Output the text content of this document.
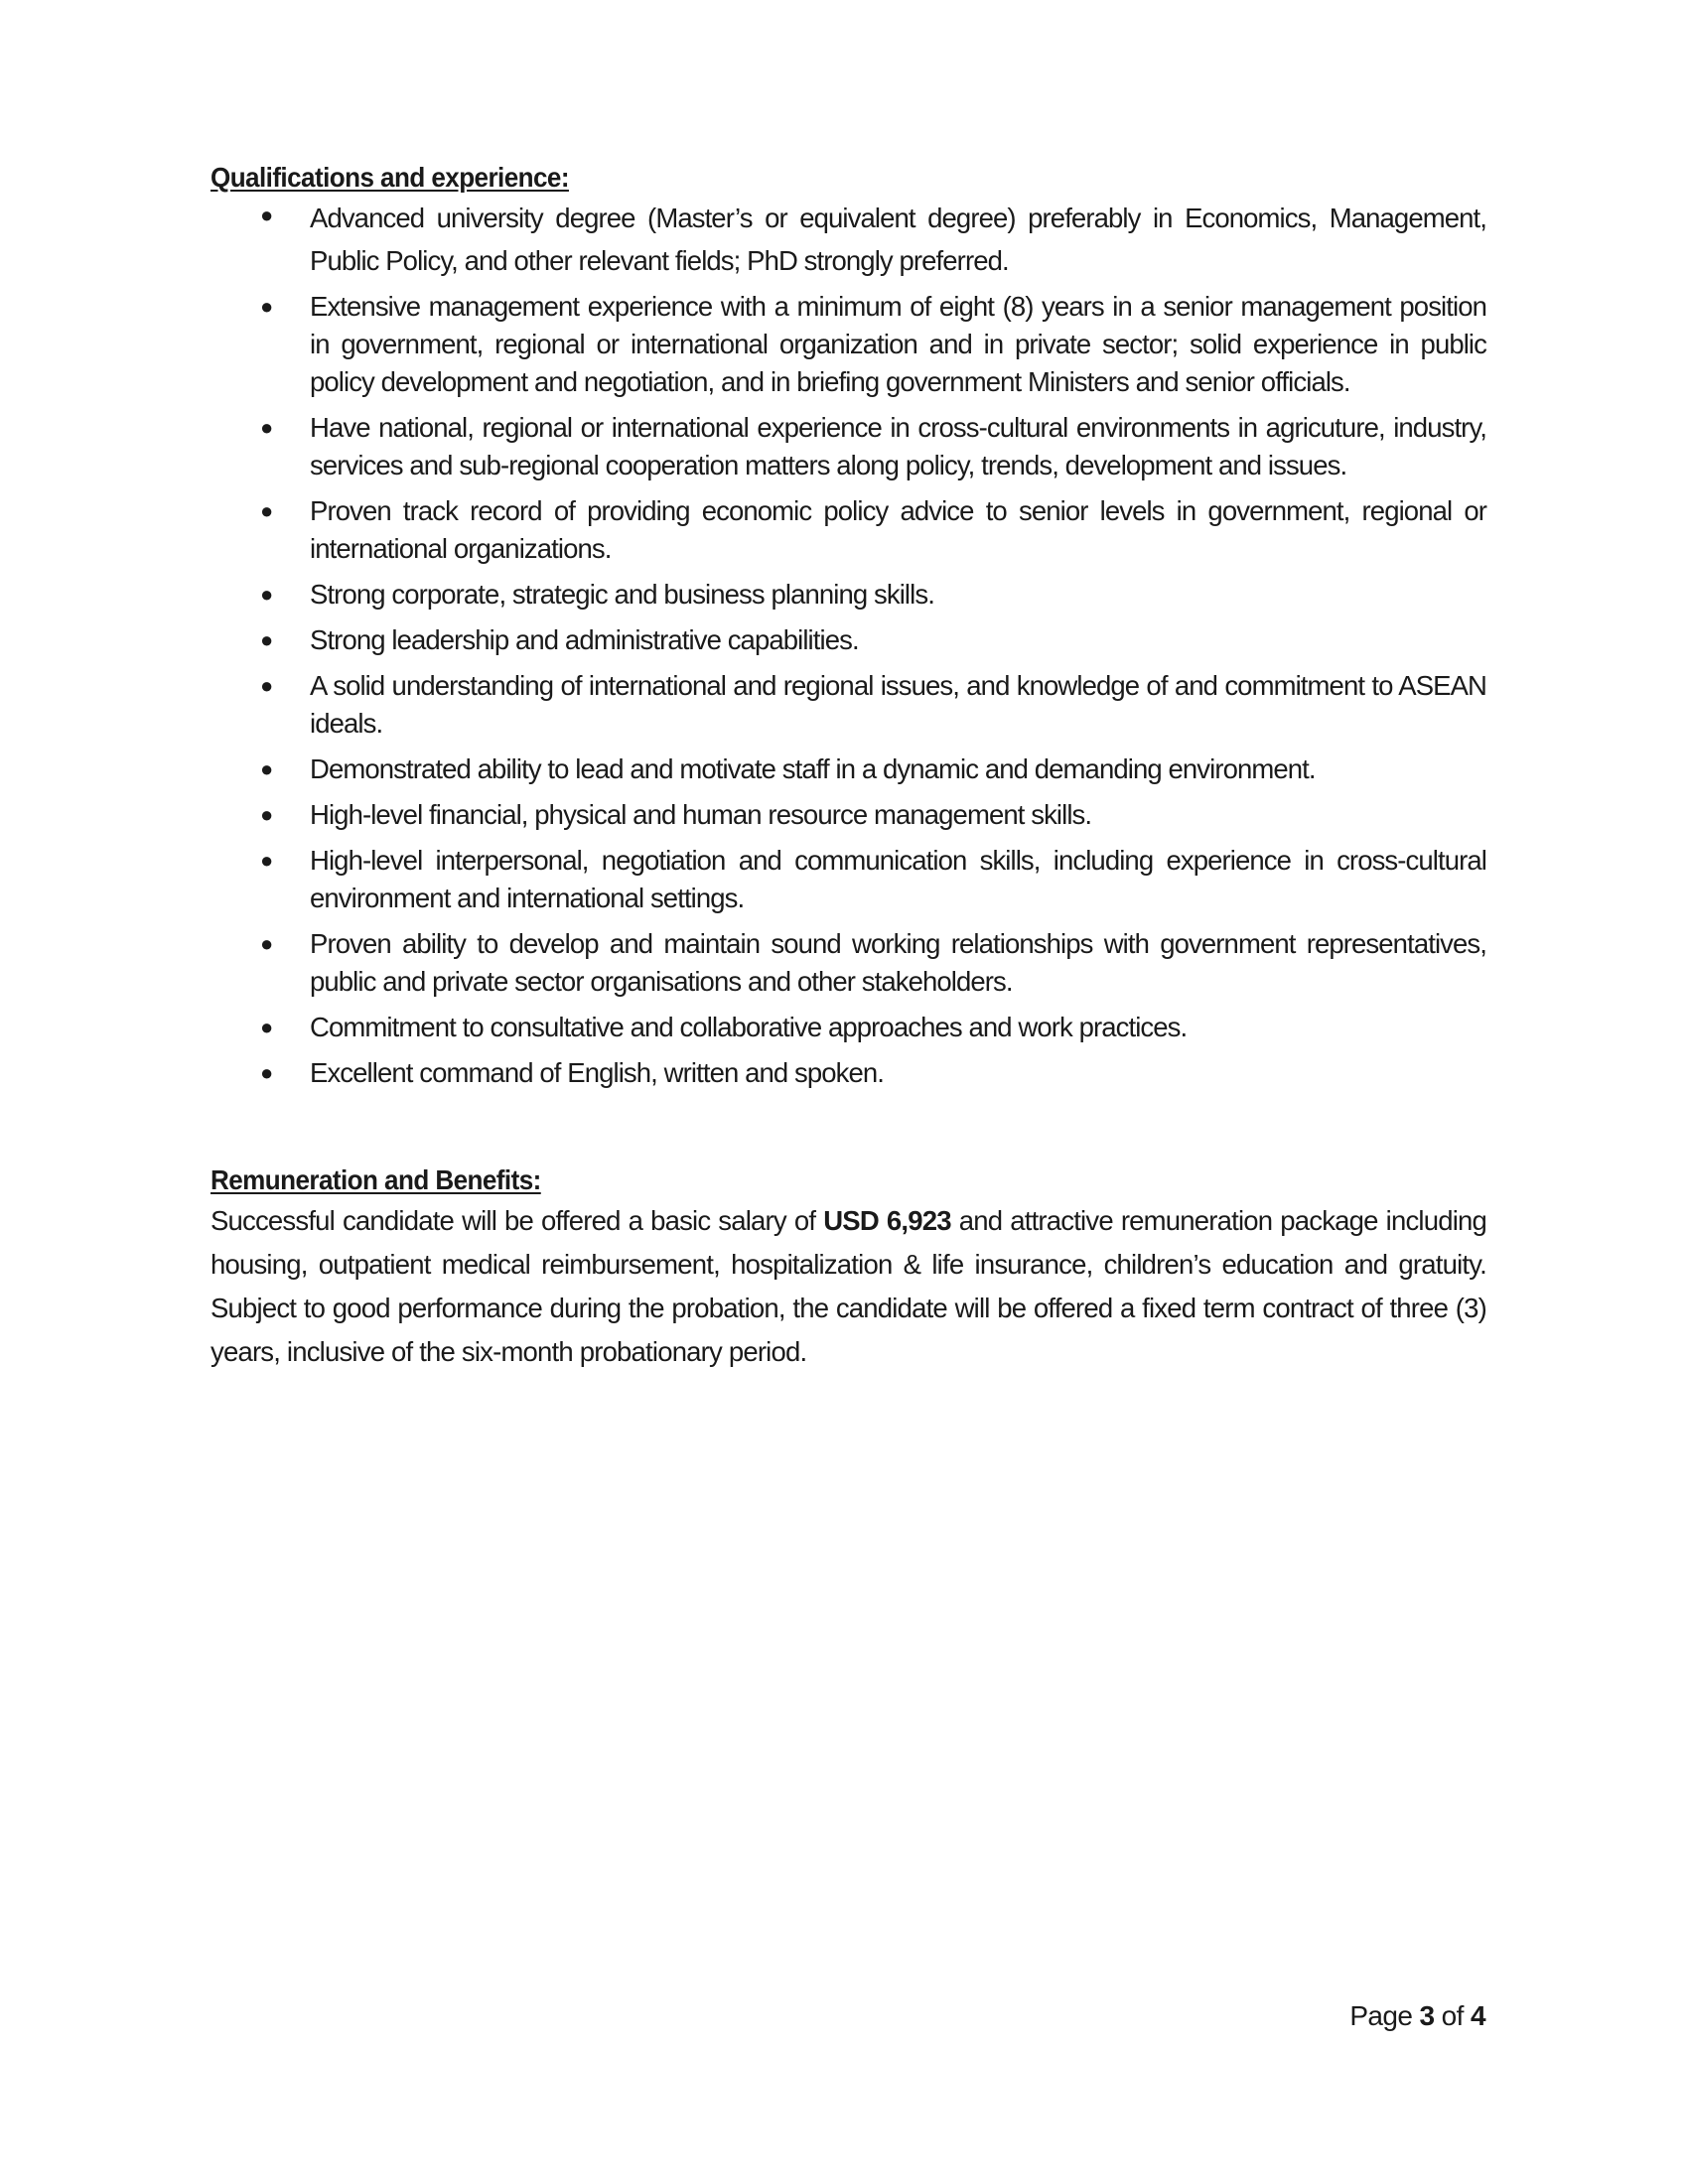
Qualifications and experience:
● Advanced university degree (Master’s or equivalent degree) preferably in Economics, Management, Public Policy, and other relevant fields; PhD strongly preferred.
● Extensive management experience with a minimum of eight (8) years in a senior management position in government, regional or international organization and in private sector; solid experience in public policy development and negotiation, and in briefing government Ministers and senior officials.
● Have national, regional or international experience in cross-cultural environments in agricuture, industry, services and sub-regional cooperation matters along policy, trends, development and issues.
● Proven track record of providing economic policy advice to senior levels in government, regional or international organizations.
● Strong corporate, strategic and business planning skills.
● Strong leadership and administrative capabilities.
● A solid understanding of international and regional issues, and knowledge of and commitment to ASEAN ideals.
● Demonstrated ability to lead and motivate staff in a dynamic and demanding environment.
● High-level financial, physical and human resource management skills.
● High-level interpersonal, negotiation and communication skills, including experience in cross-cultural environment and international settings.
● Proven ability to develop and maintain sound working relationships with government representatives, public and private sector organisations and other stakeholders.
● Commitment to consultative and collaborative approaches and work practices.
● Excellent command of English, written and spoken.
Remuneration and Benefits:

Successful candidate will be offered a basic salary of USD 6,923 and attractive remuneration package including housing, outpatient medical reimbursement, hospitalization & life insurance, children’s education and gratuity. Subject to good performance during the probation, the candidate will be offered a fixed term contract of three (3) years, inclusive of the six-month probationary period.

Page 3 of 4
